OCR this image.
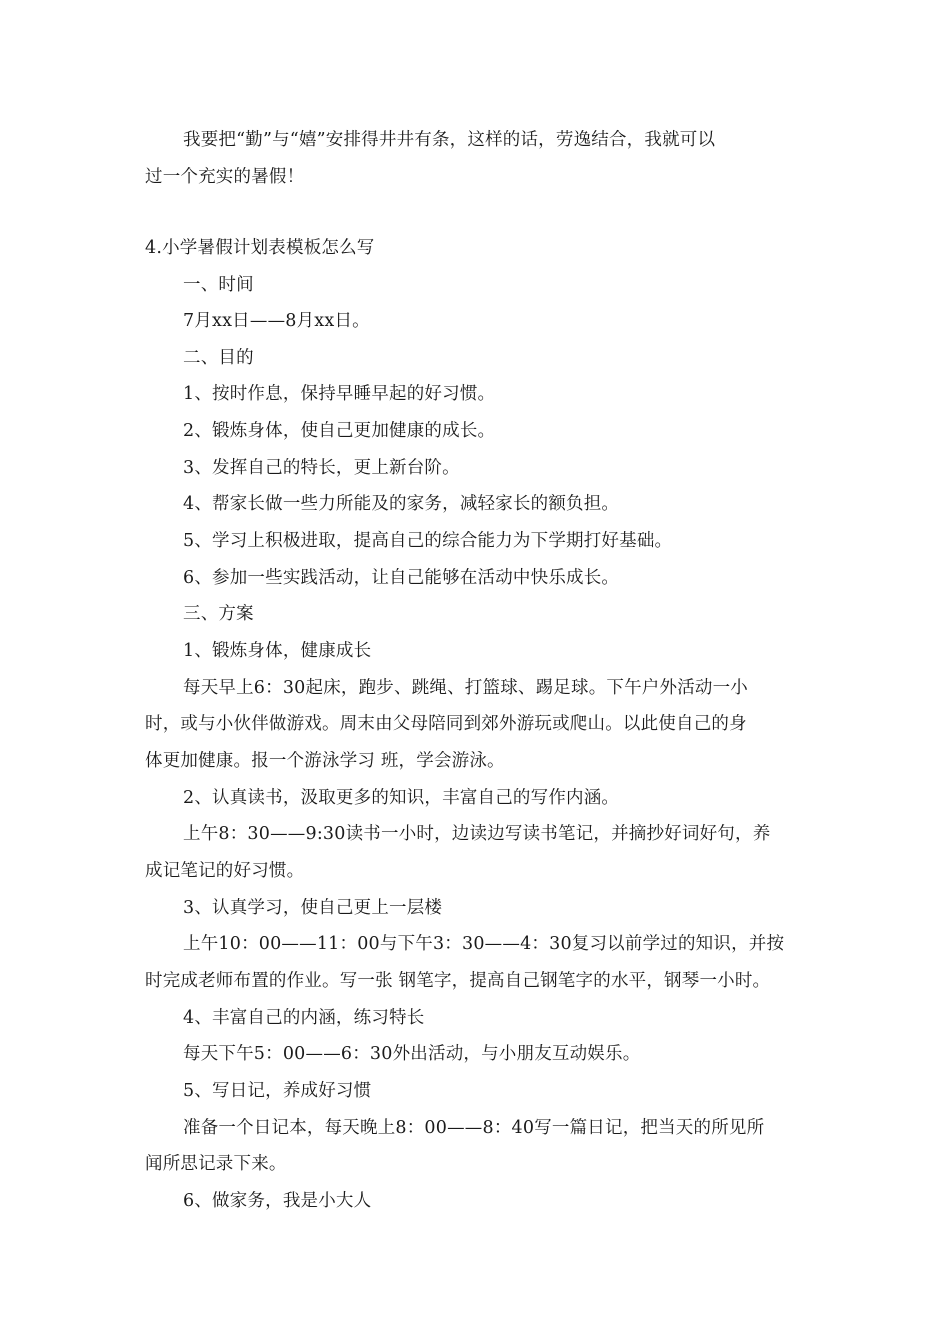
我要把“勤”与“嬉”安排得井井有条，这样的话，劳逸结合，我就可以
过一个充实的暑假！
4.小学暑假计划表模板怎么写
一、时间
7月xx日——8月xx日。
二、目的
1、按时作息，保持早睡早起的好习惯。
2、锻炼身体，使自己更加健康的成长。
3、发挥自己的特长，更上新台阶。
4、帮家长做一些力所能及的家务，减轻家长的额负担。
5、学习上积极进取，提高自己的综合能力为下学期打好基础。
6、参加一些实践活动，让自己能够在活动中快乐成长。
三、方案
1、锻炼身体，健康成长
每天早上6：30起床，跑步、跳绳、打篮球、踢足球。下午户外活动一小
时，或与小伙伴做游戏。周末由父母陪同到郊外游玩或爬山。以此使自己的身
体更加健康。报一个游泳学习 班，学会游泳。
2、认真读书，汲取更多的知识，丰富自己的写作内涵。
上午8：30——9:30读书一小时，边读边写读书笔记，并摘抄好词好句，养
成记笔记的好习惯。
3、认真学习，使自己更上一层楼
上午10：00——11：00与下午3：30——4：30复习以前学过的知识，并按
时完成老师布置的作业。写一张 钢笔字，提高自己钢笔字的水平，钢琴一小时。
4、丰富自己的内涵，练习特长
每天下午5：00——6：30外出活动，与小朋友互动娱乐。
5、写日记，养成好习惯
准备一个日记本，每天晚上8：00——8：40写一篇日记，把当天的所见所
闻所思记录下来。
6、做家务，我是小大人
